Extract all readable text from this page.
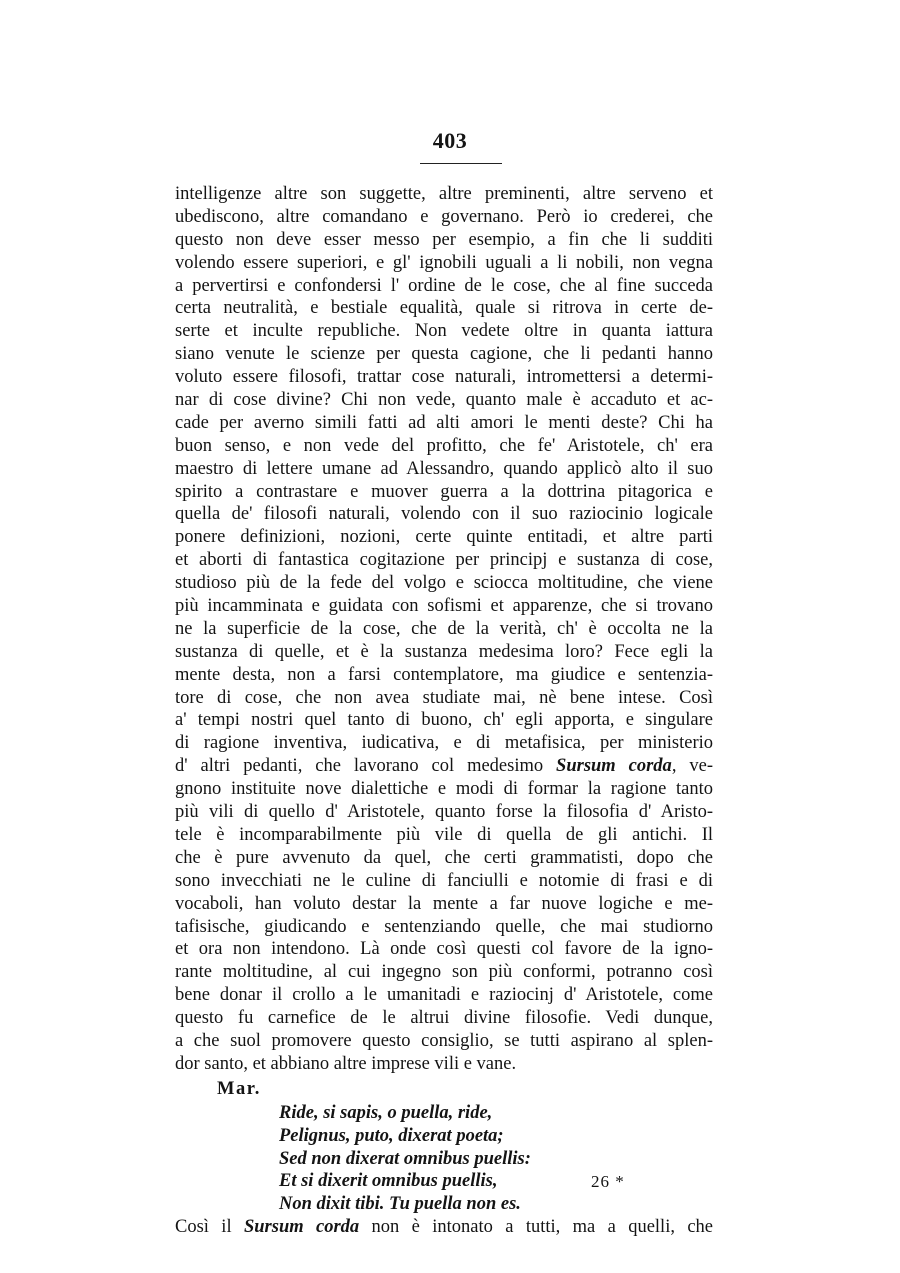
403
intelligenze altre son suggette, altre preminenti, altre serveno et
ubediscono, altre comandano e governano. Però io crederei, che
questo non deve esser messo per esempio, a fin che li sudditi
volendo essere superiori, e gl' ignobili uguali a li nobili, non vegna
a pervertirsi e confondersi l' ordine de le cose, che al fine succeda
certa neutralità, e bestiale equalità, quale si ritrova in certe de-
serte et inculte republiche. Non vedete oltre in quanta iattura
siano venute le scienze per questa cagione, che li pedanti hanno
voluto essere filosofi, trattar cose naturali, intromettersi a determi-
nar di cose divine? Chi non vede, quanto male è accaduto et ac-
cade per averno simili fatti ad alti amori le menti deste? Chi ha
buon senso, e non vede del profitto, che fe' Aristotele, ch' era
maestro di lettere umane ad Alessandro, quando applicò alto il suo
spirito a contrastare e muover guerra a la dottrina pitagorica e
quella de' filosofi naturali, volendo con il suo raziocinio logicale
ponere definizioni, nozioni, certe quinte entitadi, et altre parti
et aborti di fantastica cogitazione per principj e sustanza di cose,
studioso più de la fede del volgo e sciocca moltitudine, che viene
più incamminata e guidata con sofismi et apparenze, che si trovano
ne la superficie de la cose, che de la verità, ch' è occolta ne la
sustanza di quelle, et è la sustanza medesima loro? Fece egli la
mente desta, non a farsi contemplatore, ma giudice e sentenzia-
tore di cose, che non avea studiate mai, nè bene intese. Così
a' tempi nostri quel tanto di buono, ch' egli apporta, e singulare
di ragione inventiva, iudicativa, e di metafisica, per ministerio
d' altri pedanti, che lavorano col medesimo Sursum corda, ve-
gnono instituite nove dialettiche e modi di formar la ragione tanto
più vili di quello d' Aristotele, quanto forse la filosofia d' Aristo-
tele è incomparabilmente più vile di quella de gli antichi. Il
che è pure avvenuto da quel, che certi grammatisti, dopo che
sono invecchiati ne le culine di fanciulli e notomie di frasi e di
vocaboli, han voluto destar la mente a far nuove logiche e me-
tafisische, giudicando e sentenziando quelle, che mai studiorno
et ora non intendono. Là onde così questi col favore de la igno-
rante moltitudine, al cui ingegno son più conformi, potranno così
bene donar il crollo a le umanitadi e raziocinj d' Aristotele, come
questo fu carnefice de le altrui divine filosofie. Vedi dunque,
a che suol promovere questo consiglio, se tutti aspirano al splen-
dor santo, et abbiano altre imprese vili e vane.
Mar.
Ride, si sapis, o puella, ride,
Pelignus, puto, dixerat poeta;
Sed non dixerat omnibus puellis:
Et si dixerit omnibus puellis,
Non dixit tibi. Tu puella non es.
Così il Sursum corda non è intonato a tutti, ma a quelli, che
26 *
